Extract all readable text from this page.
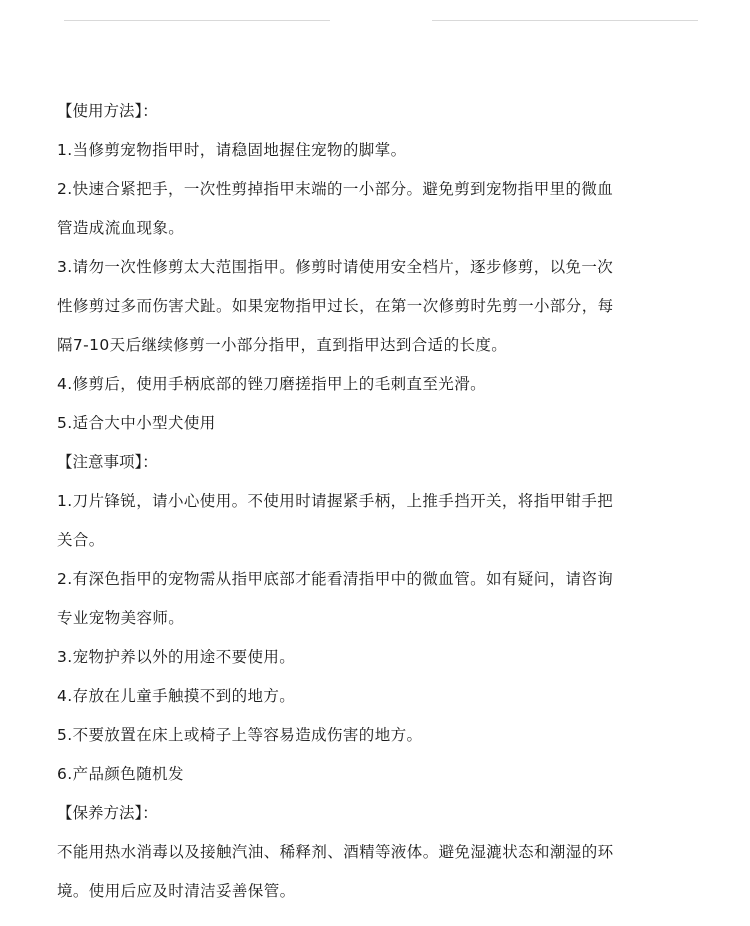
【使用方法】：
1.当修剪宠物指甲时，请稳固地握住宠物的脚掌。
2.快速合紧把手，一次性剪掉指甲末端的一小部分。避免剪到宠物指甲里的微血
管造成流血现象。
3.请勿一次性修剪太大范围指甲。修剪时请使用安全档片，逐步修剪，以免一次
性修剪过多而伤害犬趾。如果宠物指甲过长，在第一次修剪时先剪一小部分，每
隔7-10天后继续修剪一小部分指甲，直到指甲达到合适的长度。
4.修剪后，使用手柄底部的锉刀磨搓指甲上的毛刺直至光滑。
5.适合大中小型犬使用
【注意事项】：
1.刀片锋锐，请小心使用。不使用时请握紧手柄，上推手挡开关，将指甲钳手把
关合。
2.有深色指甲的宠物需从指甲底部才能看清指甲中的微血管。如有疑问，请咨询
专业宠物美容师。
3.宠物护养以外的用途不要使用。
4.存放在儿童手触摸不到的地方。
5.不要放置在床上或椅子上等容易造成伤害的地方。
6.产品颜色随机发
【保养方法】：
不能用热水消毒以及接触汽油、稀释剂、酒精等液体。避免湿漉状态和潮湿的环
境。使用后应及时清洁妥善保管。
